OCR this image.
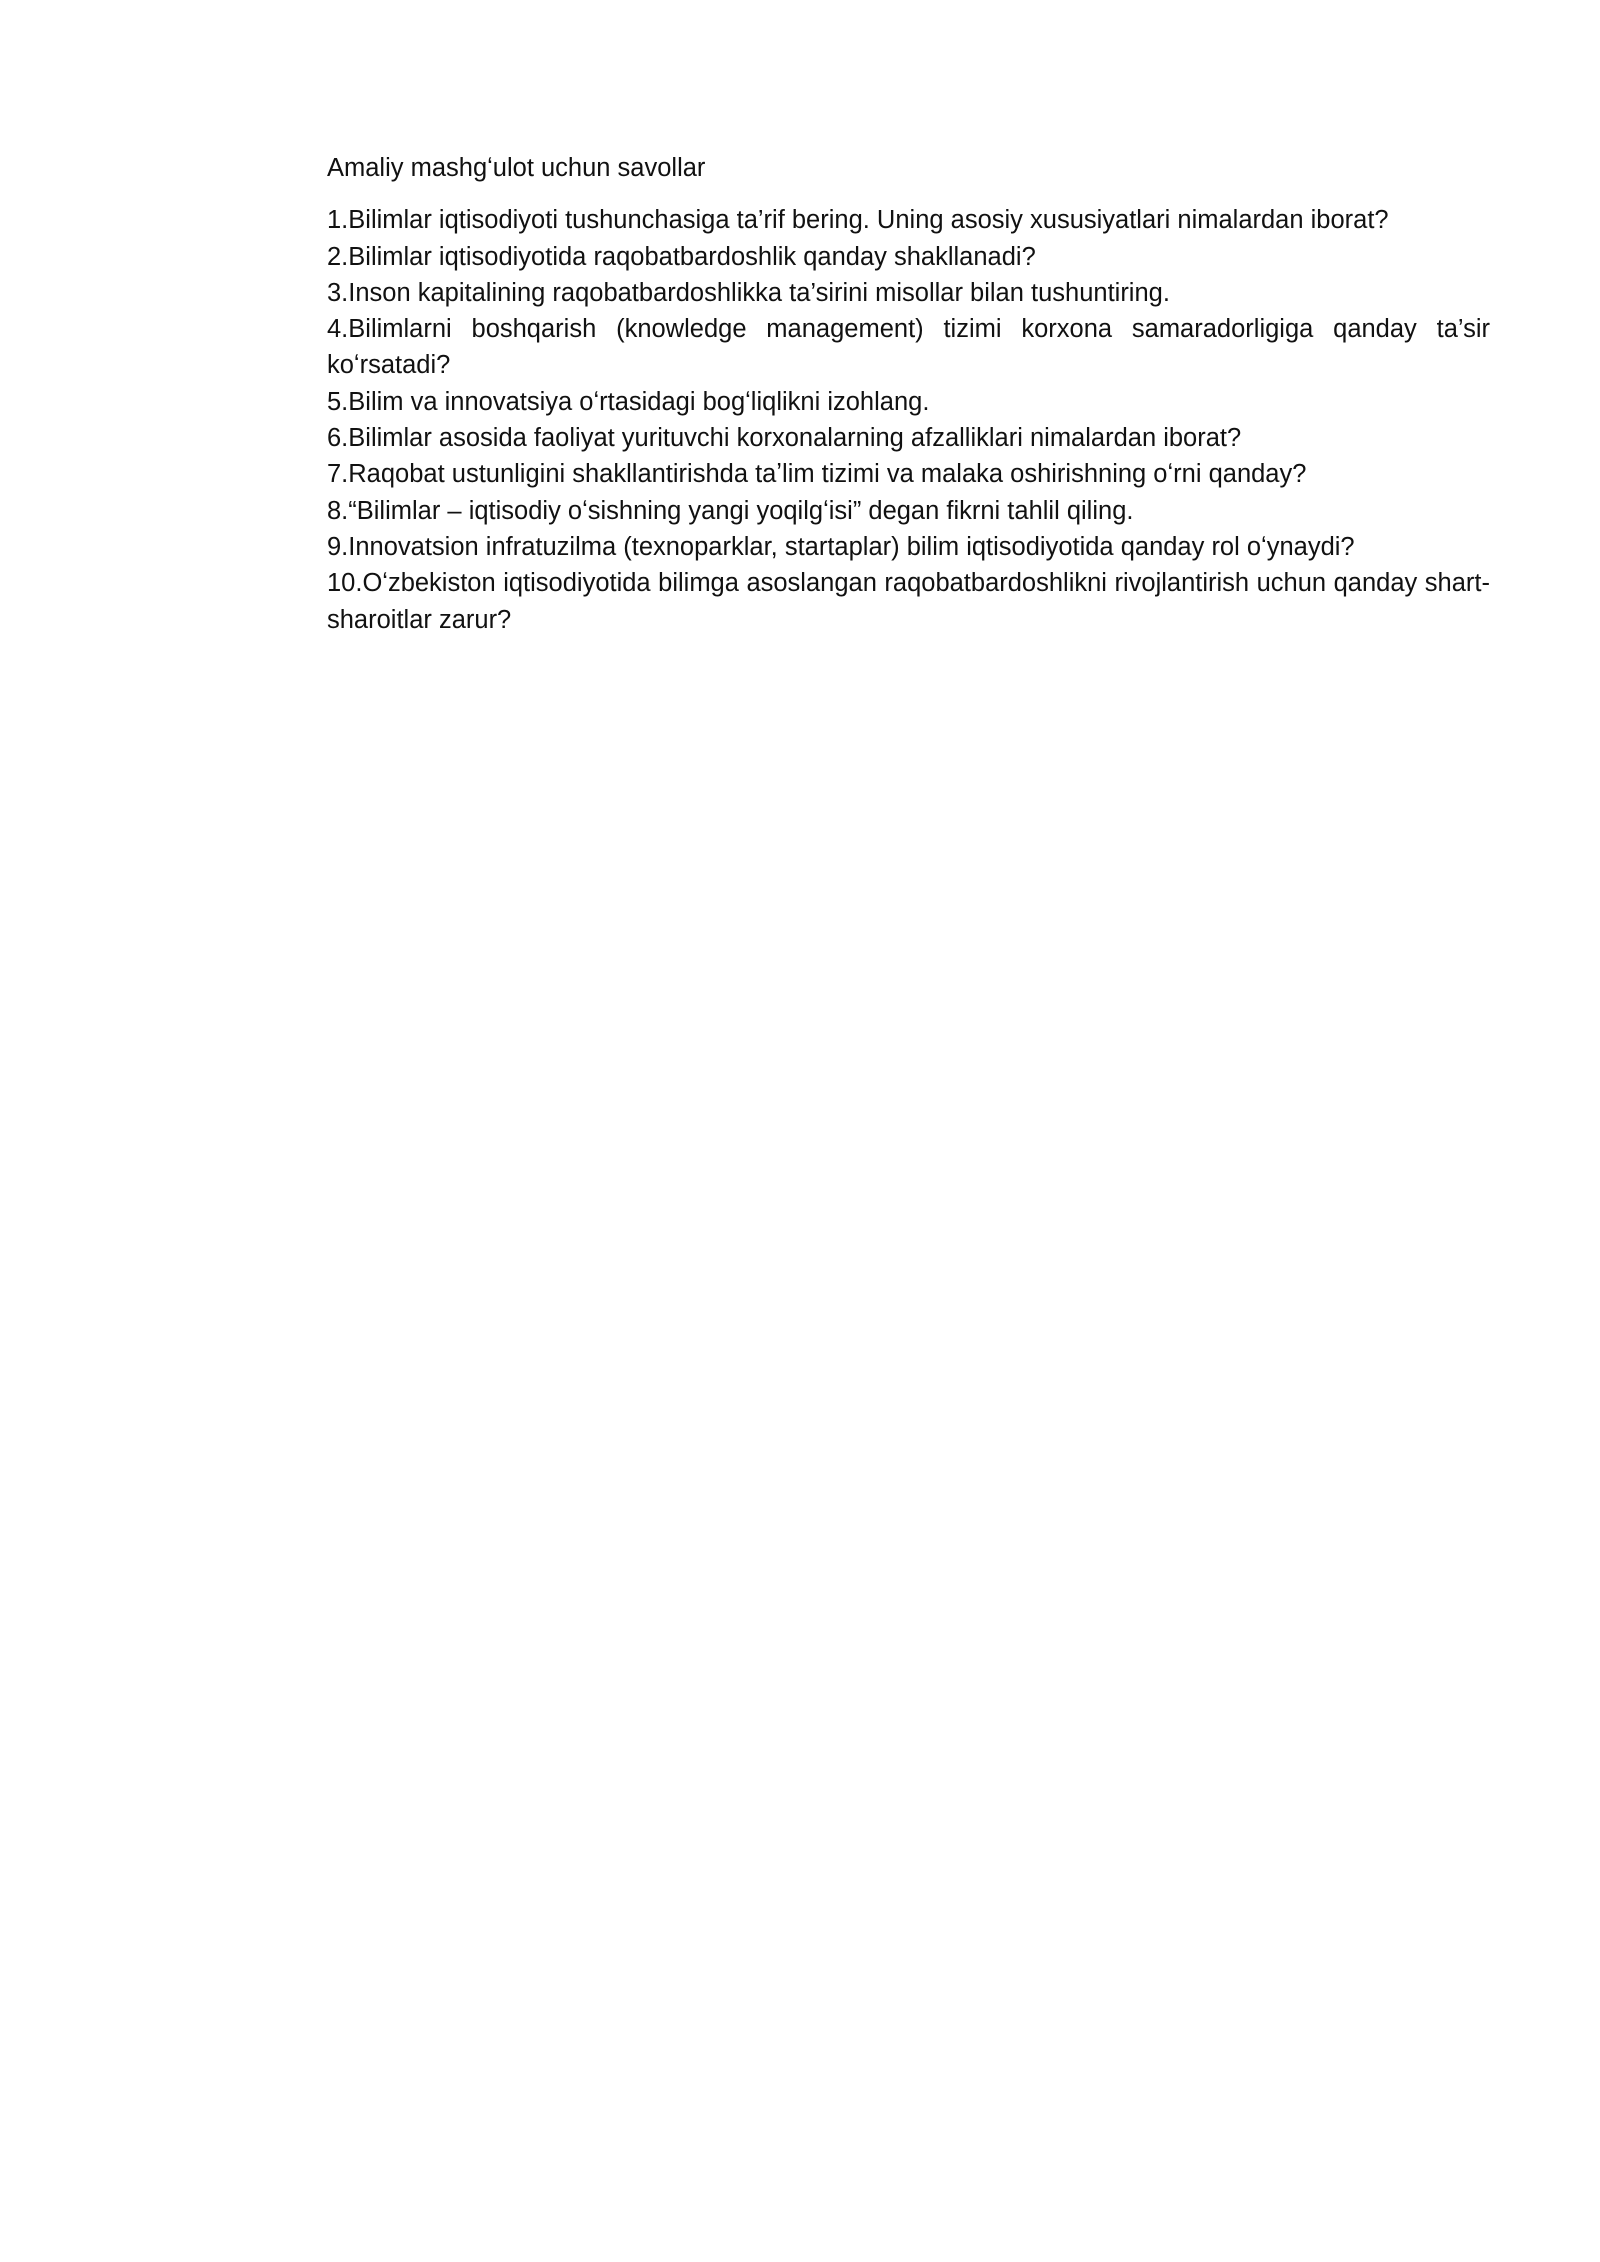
Amaliy mashgʻulot uchun savollar

1.Bilimlar iqtisodiyoti tushunchasiga ta’rif bering. Uning asosiy xususiyatlari nimalardan iborat?

2.Bilimlar iqtisodiyotida raqobatbardoshlik qanday shakllanadi?

3.Inson kapitalining raqobatbardoshlikka ta’sirini misollar bilan tushuntiring.

4.Bilimlarni boshqarish (knowledge management) tizimi korxona samaradorligiga qanday ta’sir koʻrsatadi?

5.Bilim va innovatsiya oʻrtasidagi bogʻliqlikni izohlang.

6.Bilimlar asosida faoliyat yurituvchi korxonalarning afzalliklari nimalardan iborat?

7.Raqobat ustunligini shakllantirishda taʼlim tizimi va malaka oshirishning oʻrni qanday?

8.“Bilimlar – iqtisodiy oʻsishning yangi yoqilgʻisi” degan fikrni tahlil qiling.

9.Innovatsion infratuzilma (texnoparklar, startaplar) bilim iqtisodiyotida qanday rol oʻynaydi?

10.Oʻzbekiston iqtisodiyotida bilimga asoslangan raqobatbardoshlikni rivojlantirish uchun qanday shart-sharoitlar zarur?
